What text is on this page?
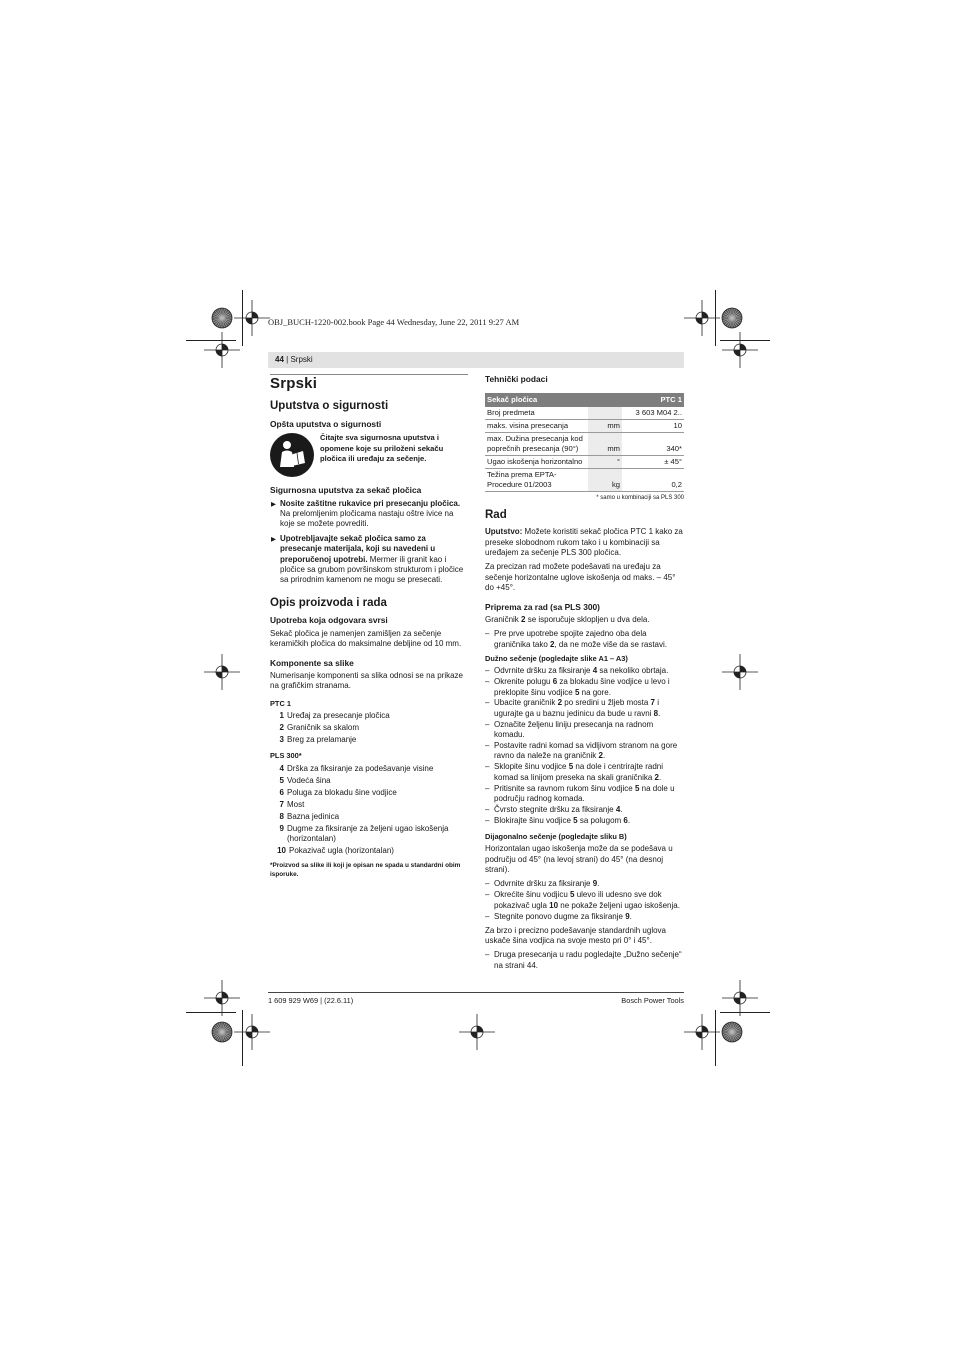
OBJ_BUCH-1220-002.book Page 44 Wednesday, June 22, 2011 9:27 AM
44 | Srpski
Srpski
Uputstva o sigurnosti
Opšta uputstva o sigurnosti
Čitajte sva sigurnosna uputstva i opomene koje su priloženi sekaču pločica ili uređaju za sečenje.
Sigurnosna uputstva za sekač pločica
▶ Nosite zaštitne rukavice pri presecanju pločica. Na prelomljenim pločicama nastaju oštre ivice na koje se možete povrediti.
▶ Upotrebljavajte sekač pločica samo za presecanje materijala, koji su navedeni u preporučenoj upotrebi. Mermer ili granit kao i pločice sa grubom površinskom strukturom i pločice sa prirodnim kamenom ne mogu se presecati.
Opis proizvoda i rada
Upotreba koja odgovara svrsi

Sekač pločica je namenjen zamišljen za sečenje keramičkih pločica do maksimalne debljine od 10 mm.

Komponente sa slike

Numerisanje komponenti sa slika odnosi se na prikaze na grafičkim stranama.

PTC 1
1 Uređaj za presecanje pločica
2 Graničnik sa skalom
3 Breg za prelamanje
PLS 300*
4 Drška za fiksiranje za podešavanje visine
5 Vodeća šina
6 Poluga za blokadu šine vodjice
7 Most
8 Bazna jedinica
9 Dugme za fiksiranje za željeni ugao iskošenja (horizontalan)
10 Pokazivač ugla (horizontalan)
*Proizvod sa slike ili koji je opisan ne spada u standardni obim isporuke.
Tehnički podaci
Sekač pločica		PTC 1
Broj predmeta		3 603 M04 2..
maks. visina presecanja	mm	10
max. Dužina presecanja kod poprečnih presecanja (90°)	mm	340*
Ugao iskošenja horizontalno	°	± 45°
Težina prema EPTA-Procedure 01/2003	kg	0,2
* samo u kombinaciji sa PLS 300
Rad

Uputstvo: Možete koristiti sekač pločica PTC 1 kako za preseke slobodnom rukom tako i u kombinaciji sa uređajem za sečenje PLS 300 pločica.

Za precizan rad možete podešavati na uređaju za sečenje horizontalne uglove iskošenja od maks. – 45° do +45°.

Priprema za rad (sa PLS 300)

Graničnik 2 se isporučuje sklopljen u dva dela.

– Pre prve upotrebe spojite zajedno oba dela graničnika tako 2, da ne može više da se rastavi.
Dužno sečenje (pogledajte slike A1 – A3)
– Odvrnite dršku za fiksiranje 4 sa nekoliko obrtaja.
– Okrenite polugu 6 za blokadu šine vodjice u levo i preklopite šinu vodjice 5 na gore.
– Ubacite graničnik 2 po sredini u žljeb mosta 7 i ugurajte ga u baznu jedinicu da bude u ravni 8.
– Označite željenu liniju presecanja na radnom komadu.
– Postavite radni komad sa vidljivom stranom na gore ravno da naleže na graničnik 2.
– Sklopite šinu vodjice 5 na dole i centrirajte radni komad sa linijom preseka na skali graničnika 2.
– Pritisnite sa ravnom rukom šinu vodjice 5 na dole u području radnog komada.
– Čvrsto stegnite dršku za fiksiranje 4.
– Blokirajte šinu vodjice 5 sa polugom 6.
Dijagonalno sečenje (pogledajte sliku B)

Horizontalan ugao iskošenja može da se podešava u području od 45° (na levoj strani) do 45° (na desnoj strani).

– Odvrnite dršku za fiksiranje 9.
– Okrećite šinu vodjicu 5 ulevo ili udesno sve dok pokazivač ugla 10 ne pokaže željeni ugao iskošenja.
– Stegnite ponovo dugme za fiksiranje 9.

Za brzo i precizno podešavanje standardnih uglova uskače šina vodjica na svoje mesto pri 0° i 45°.

– Druga presecanja u radu pogledajte „Dužno sečenje“ na strani 44.
1 609 929 W69 | (22.6.11)	Bosch Power Tools
